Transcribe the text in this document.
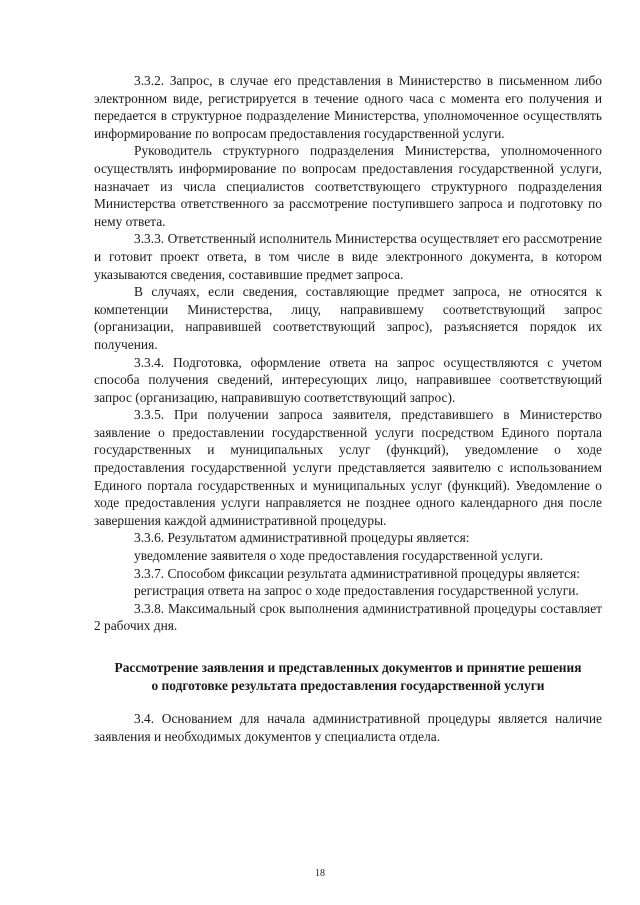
3.3.2. Запрос, в случае его представления в Министерство в письменном либо электронном виде, регистрируется в течение одного часа с момента его получения и передается в структурное подразделение Министерства, уполномоченное осуществлять информирование по вопросам предоставления государственной услуги.

Руководитель структурного подразделения Министерства, уполномоченного осуществлять информирование по вопросам предоставления государственной услуги, назначает из числа специалистов соответствующего структурного подразделения Министерства ответственного за рассмотрение поступившего запроса и подготовку по нему ответа.

3.3.3. Ответственный исполнитель Министерства осуществляет его рассмотрение и готовит проект ответа, в том числе в виде электронного документа, в котором указываются сведения, составившие предмет запроса.

В случаях, если сведения, составляющие предмет запроса, не относятся к компетенции Министерства, лицу, направившему соответствующий запрос (организации, направившей соответствующий запрос), разъясняется порядок их получения.

3.3.4. Подготовка, оформление ответа на запрос осуществляются с учетом способа получения сведений, интересующих лицо, направившее соответствующий запрос (организацию, направившую соответствующий запрос).

3.3.5. При получении запроса заявителя, представившего в Министерство заявление о предоставлении государственной услуги посредством Единого портала государственных и муниципальных услуг (функций), уведомление о ходе предоставления государственной услуги представляется заявителю с использованием Единого портала государственных и муниципальных услуг (функций). Уведомление о ходе предоставления услуги направляется не позднее одного календарного дня после завершения каждой административной процедуры.

3.3.6. Результатом административной процедуры является:

уведомление заявителя о ходе предоставления государственной услуги.

3.3.7. Способом фиксации результата административной процедуры является:

регистрация ответа на запрос о ходе предоставления государственной услуги.

3.3.8. Максимальный срок выполнения административной процедуры составляет 2 рабочих дня.

Рассмотрение заявления и представленных документов и принятие решения о подготовке результата предоставления государственной услуги

3.4. Основанием для начала административной процедуры является наличие заявления и необходимых документов у специалиста отдела.

18
